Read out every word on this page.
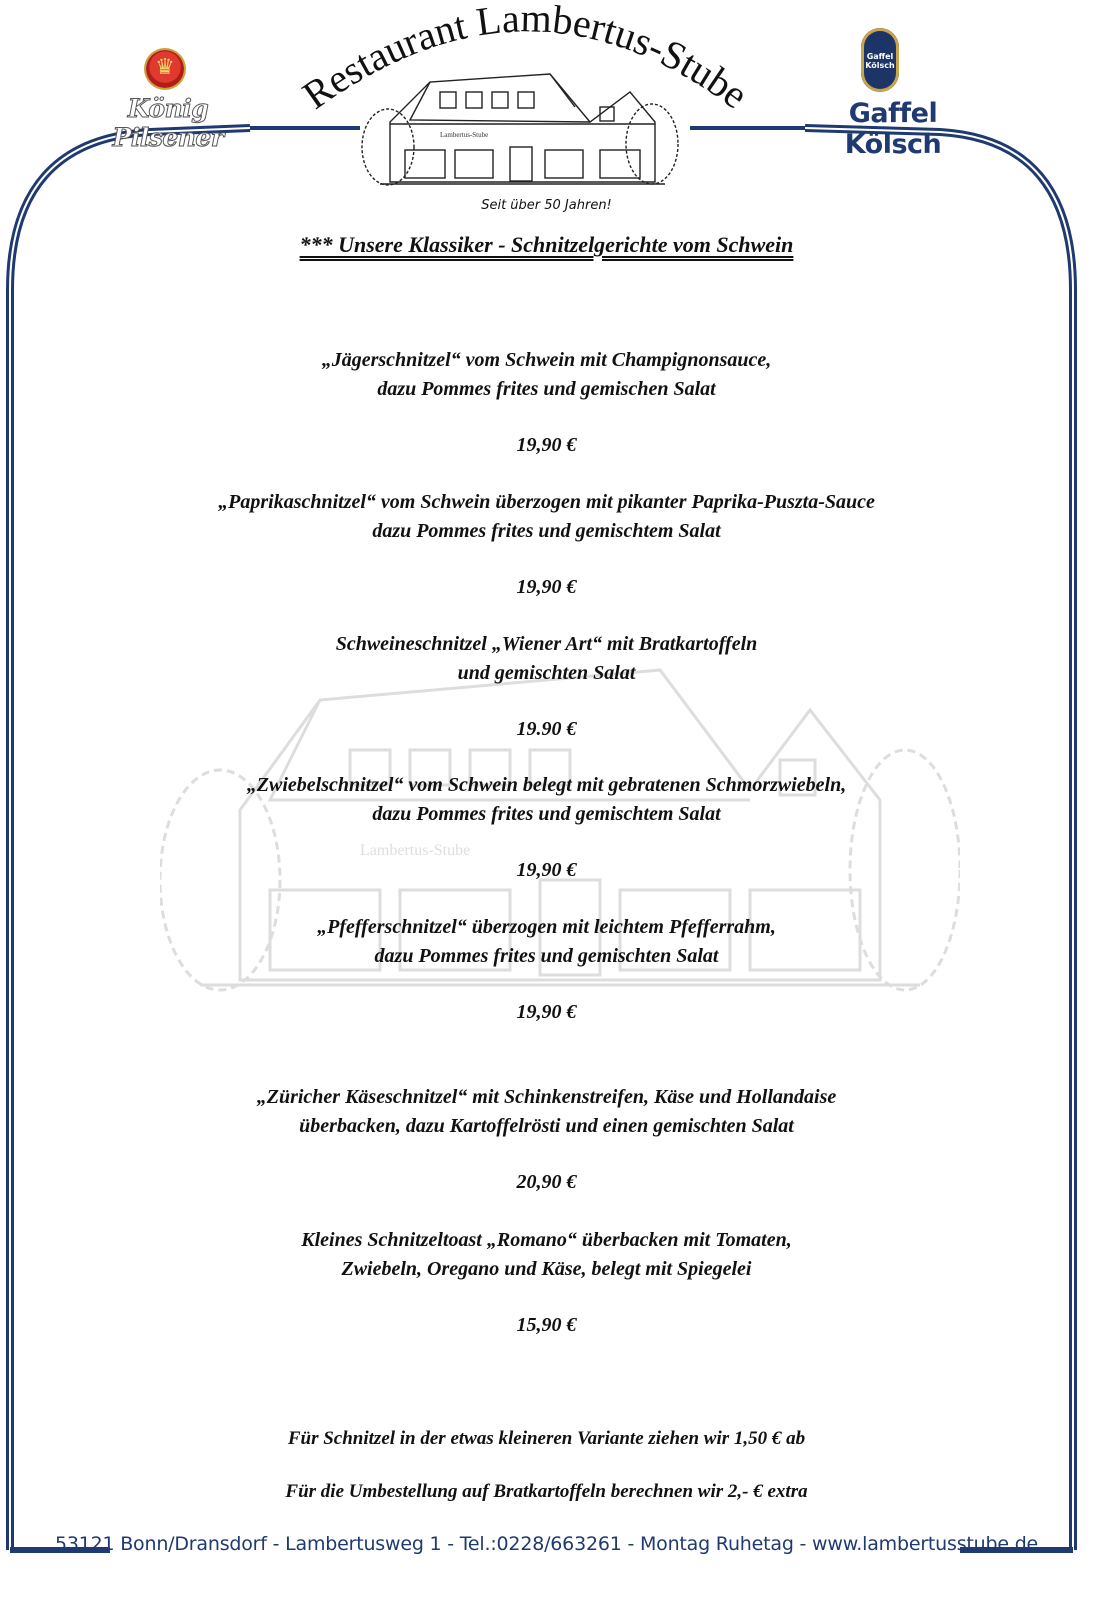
♛
König Pilsener
Gaffel Kölsch
Gaffel Kölsch
Restaurant Lambertus-Stube
Lambertus-Stube
Seit über 50 Jahren!
*** Unsere Klassiker - Schnitzelgerichte vom Schwein
Lambertus-Stube
„Jägerschnitzel“ vom Schwein mit Champignonsauce,
dazu Pommes frites und gemischen Salat
19,90 €
„Paprikaschnitzel“ vom Schwein überzogen mit pikanter Paprika-Puszta-Sauce
dazu Pommes frites und gemischtem Salat
19,90 €
Schweineschnitzel „Wiener Art“ mit Bratkartoffeln
und gemischten Salat
19.90 €
„Zwiebelschnitzel“ vom Schwein belegt mit gebratenen Schmorzwiebeln,
dazu Pommes frites und gemischtem Salat
19,90 €
„Pfefferschnitzel“ überzogen mit leichtem Pfefferrahm,
dazu Pommes frites und gemischten Salat
19,90 €
„Züricher Käseschnitzel“ mit Schinkenstreifen, Käse und Hollandaise
überbacken, dazu Kartoffelrösti und einen gemischten Salat
20,90 €
Kleines Schnitzeltoast „Romano“ überbacken mit Tomaten,
Zwiebeln, Oregano und Käse, belegt mit Spiegelei
15,90 €
Für Schnitzel in der etwas kleineren Variante ziehen wir 1,50 € ab
Für die Umbestellung auf Bratkartoffeln berechnen wir 2,- € extra
53121 Bonn/Dransdorf - Lambertusweg 1 - Tel.:0228/663261 - Montag Ruhetag - www.lambertusstube.de
